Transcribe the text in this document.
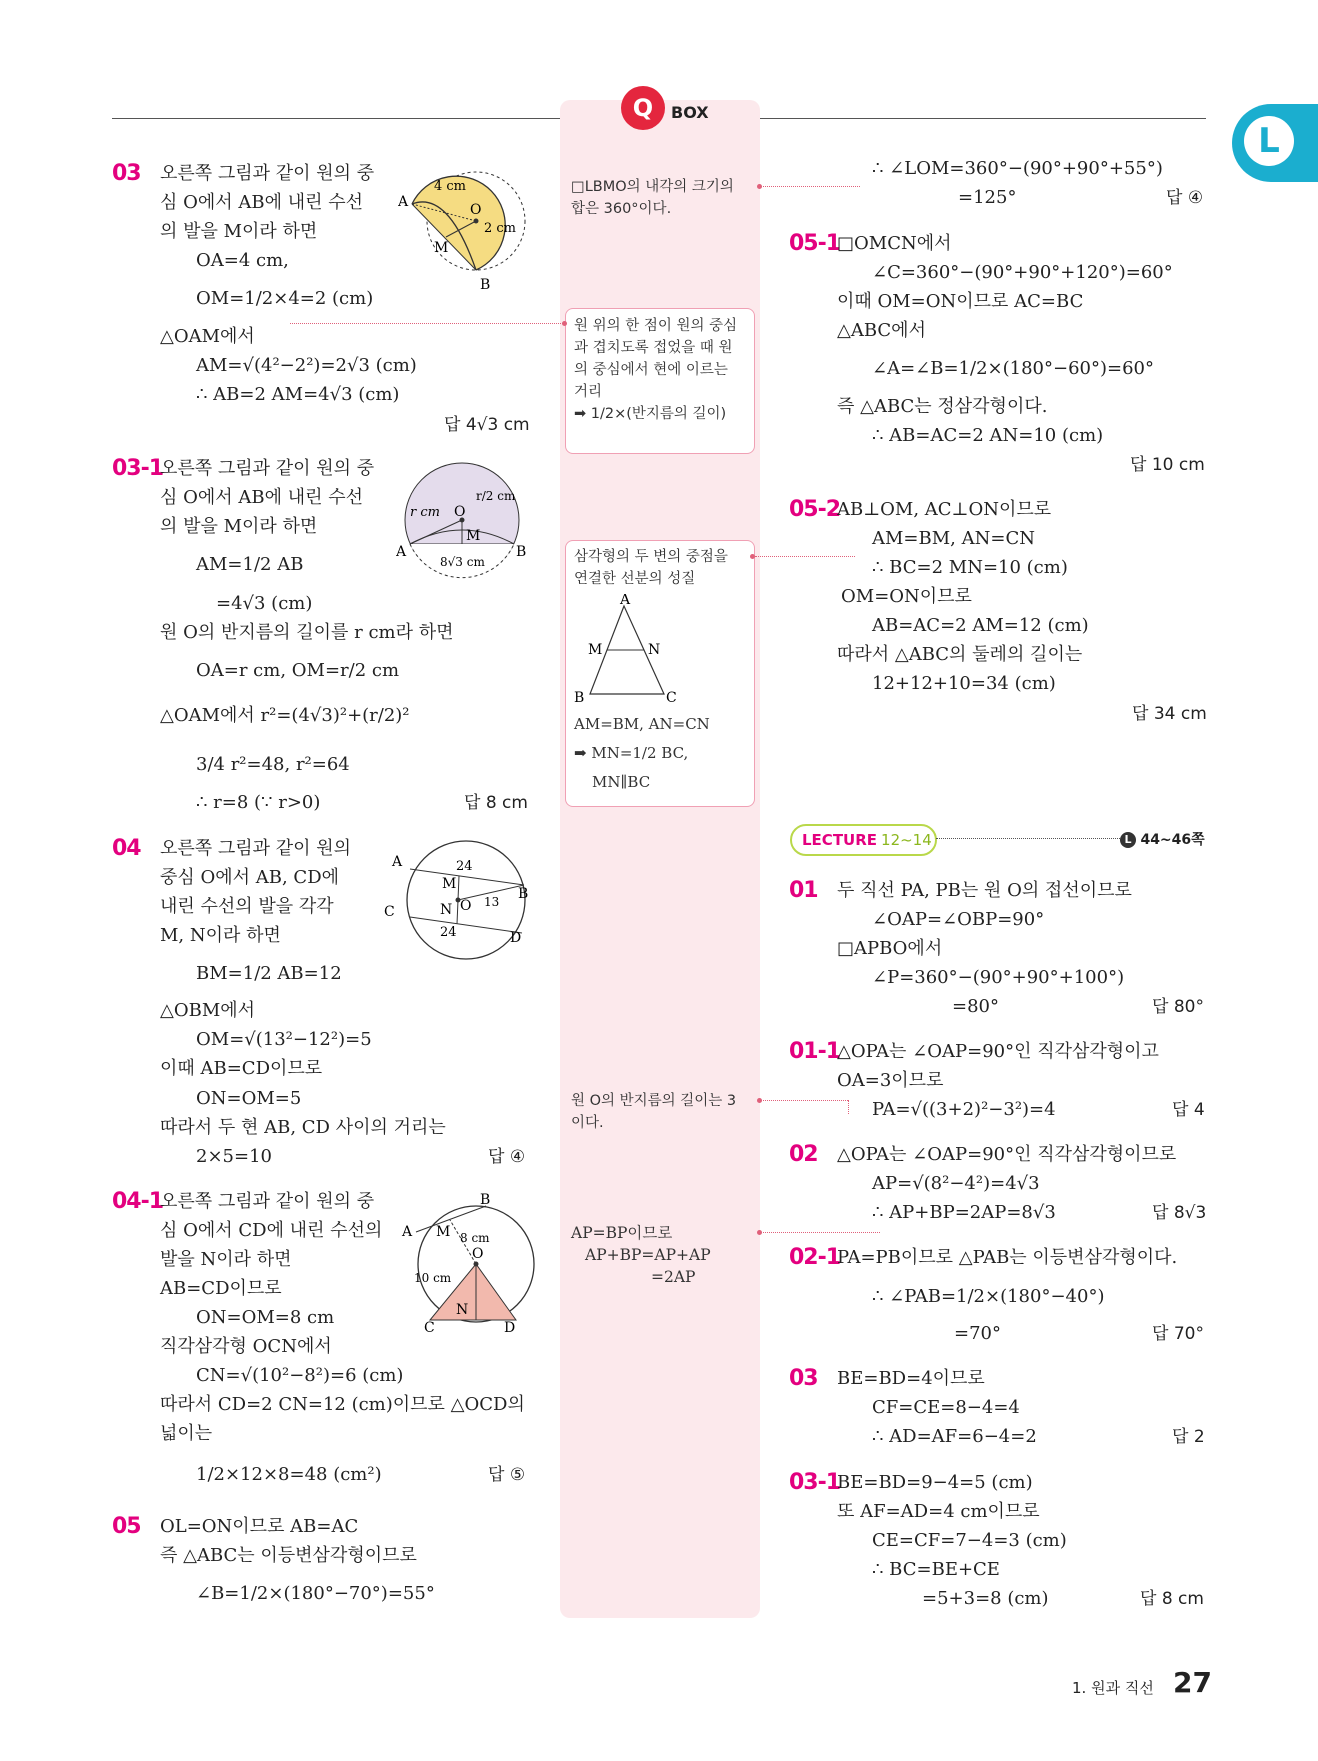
Q	BOX
L
03 오른쪽 그림과 같이 원의 중
심 O에서 AB에 내린 수선
의 발을 M이라 하면
OA=4 cm,
OM=1/2×4=2 (cm)
△OAM에서
AM=√(4²−2²)=2√3 (cm)
∴ AB=2 AM=4√3 (cm)
답 4√3 cm
4 cm
2 cm
A	O
M
B
03-1
오른쪽 그림과 같이 원의 중
심 O에서 AB에 내린 수선
의 발을 M이라 하면
AM=1/2 AB
=4√3 (cm)
원 O의 반지름의 길이를 r cm라 하면
OA=r cm, OM=r/2 cm
△OAM에서 r²=(4√3)²+(r/2)²
3/4 r²=48, r²=64
∴ r=8 (∵ r>0)	답 8 cm
r cm
r/2 cm
O
M
A	B
8√3 cm
04 오른쪽 그림과 같이 원의
중심 O에서 AB, CD에
내린 수선의 발을 각각
M, N이라 하면
BM=1/2 AB=12
△OBM에서
OM=√(13²−12²)=5
이때 AB=CD이므로
ON=OM=5
따라서 두 현 AB, CD 사이의 거리는
2×5=10	답 ④
A
B
C
D
M
N O
24
24
13
04-1
오른쪽 그림과 같이 원의 중
심 O에서 CD에 내린 수선의
발을 N이라 하면
AB=CD이므로
ON=OM=8 cm
직각삼각형 OCN에서
CN=√(10²−8²)=6 (cm)
따라서 CD=2 CN=12 (cm)이므로 △OCD의
넓이는
1/2×12×8=48 (cm²)	답 ⑤
A
B
C	D
M
N
O
8 cm
10 cm
05 OL=ON이므로 AB=AC
즉 △ABC는 이등변삼각형이므로
∠B=1/2×(180°−70°)=55°
□LBMO의 내각의 크기의
합은 360°이다.
원 위의 한 점이 원의 중심
과 겹치도록 접었을 때 원
의 중심에서 현에 이르는
거리
➡ 1/2×(반지름의 길이)
삼각형의 두 변의 중점을
연결한 선분의 성질
A
B	C
M	N
AM=BM, AN=CN
➡ MN=1/2 BC,
MN∥BC
원 O의 반지름의 길이는 3
이다.
AP=BP이므로
AP+BP=AP+AP
=2AP
∴ ∠LOM=360°−(90°+90°+55°)
=125°	답 ④
05-1
□OMCN에서
∠C=360°−(90°+90°+120°)=60°
이때 OM=ON이므로 AC=BC
△ABC에서
∠A=∠B=1/2×(180°−60°)=60°
즉 △ABC는 정삼각형이다.
∴ AB=AC=2 AN=10 (cm)
답 10 cm
05-2
AB⊥OM, AC⊥ON이므로
AM=BM, AN=CN
∴ BC=2 MN=10 (cm)
OM=ON이므로
AB=AC=2 AM=12 (cm)
따라서 △ABC의 둘레의 길이는
12+12+10=34 (cm)
답 34 cm
LECTURE 12~14	L 44~46쪽
01 두 직선 PA, PB는 원 O의 접선이므로
∠OAP=∠OBP=90°
□APBO에서
∠P=360°−(90°+90°+100°)
=80°	답 80°
01-1
△OPA는 ∠OAP=90°인 직각삼각형이고
OA=3이므로
PA=√((3+2)²−3²)=4	답 4
02 △OPA는 ∠OAP=90°인 직각삼각형이므로
AP=√(8²−4²)=4√3
∴ AP+BP=2AP=8√3	답 8√3
02-1
PA=PB이므로 △PAB는 이등변삼각형이다.
∴ ∠PAB=1/2×(180°−40°)
=70°	답 70°
03 BE=BD=4이므로
CF=CE=8−4=4
∴ AD=AF=6−4=2	답 2
03-1
BE=BD=9−4=5 (cm)
또 AF=AD=4 cm이므로
CE=CF=7−4=3 (cm)
∴ BC=BE+CE
=5+3=8 (cm)	답 8 cm
1. 원과 직선 27
